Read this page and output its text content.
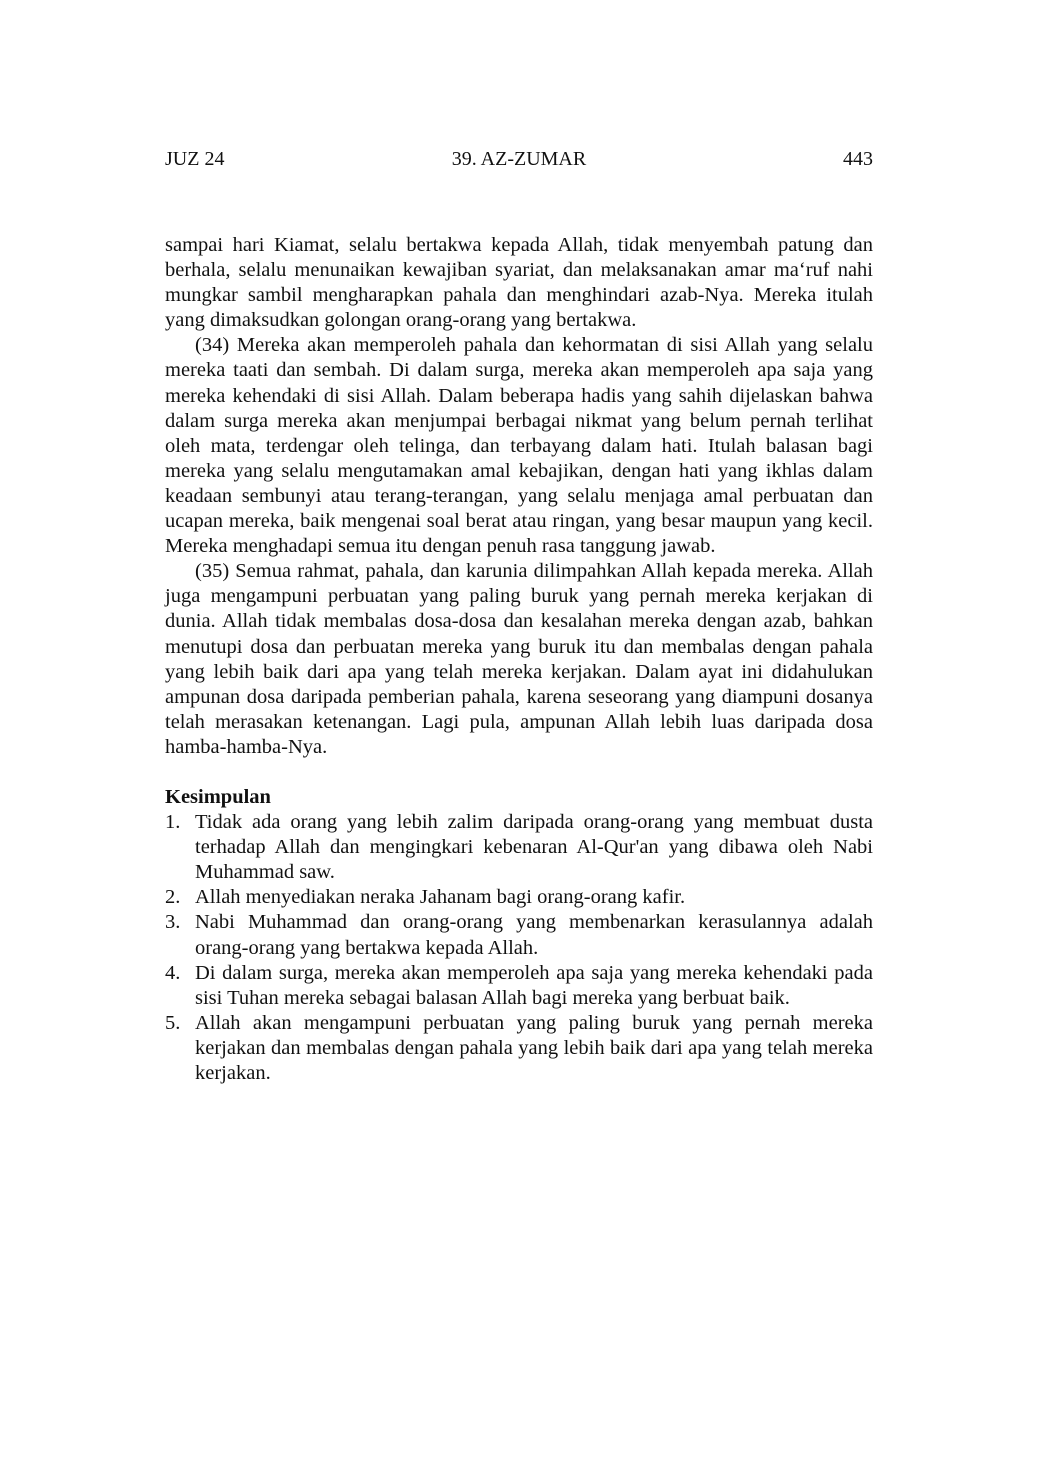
JUZ 24	39. AZ-ZUMAR	443

sampai hari Kiamat, selalu bertakwa kepada Allah, tidak menyembah patung dan berhala, selalu menunaikan kewajiban syariat, dan melaksanakan amar ma‘ruf nahi mungkar sambil mengharapkan pahala dan menghindari azab-Nya. Mereka itulah yang dimaksudkan golongan orang-orang yang bertakwa.

(34) Mereka akan memperoleh pahala dan kehormatan di sisi Allah yang selalu mereka taati dan sembah. Di dalam surga, mereka akan memperoleh apa saja yang mereka kehendaki di sisi Allah. Dalam beberapa hadis yang sahih dijelaskan bahwa dalam surga mereka akan menjumpai berbagai nikmat yang belum pernah terlihat oleh mata, terdengar oleh telinga, dan terbayang dalam hati. Itulah balasan bagi mereka yang selalu mengutamakan amal kebajikan, dengan hati yang ikhlas dalam keadaan sembunyi atau terang-terangan, yang selalu menjaga amal perbuatan dan ucapan mereka, baik mengenai soal berat atau ringan, yang besar maupun yang kecil. Mereka menghadapi semua itu dengan penuh rasa tanggung jawab.

(35) Semua rahmat, pahala, dan karunia dilimpahkan Allah kepada mereka. Allah juga mengampuni perbuatan yang paling buruk yang pernah mereka kerjakan di dunia. Allah tidak membalas dosa-dosa dan kesalahan mereka dengan azab, bahkan menutupi dosa dan perbuatan mereka yang buruk itu dan membalas dengan pahala yang lebih baik dari apa yang telah mereka kerjakan. Dalam ayat ini didahulukan ampunan dosa daripada pemberian pahala, karena seseorang yang diampuni dosanya telah merasakan ketenangan. Lagi pula, ampunan Allah lebih luas daripada dosa hamba-hamba-Nya.

Kesimpulan
1. Tidak ada orang yang lebih zalim daripada orang-orang yang membuat dusta terhadap Allah dan mengingkari kebenaran Al-Qur'an yang dibawa oleh Nabi Muhammad saw.
2. Allah menyediakan neraka Jahanam bagi orang-orang kafir.
3. Nabi Muhammad dan orang-orang yang membenarkan kerasulannya adalah orang-orang yang bertakwa kepada Allah.
4. Di dalam surga, mereka akan memperoleh apa saja yang mereka kehendaki pada sisi Tuhan mereka sebagai balasan Allah bagi mereka yang berbuat baik.
5. Allah akan mengampuni perbuatan yang paling buruk yang pernah mereka kerjakan dan membalas dengan pahala yang lebih baik dari apa yang telah mereka kerjakan.
